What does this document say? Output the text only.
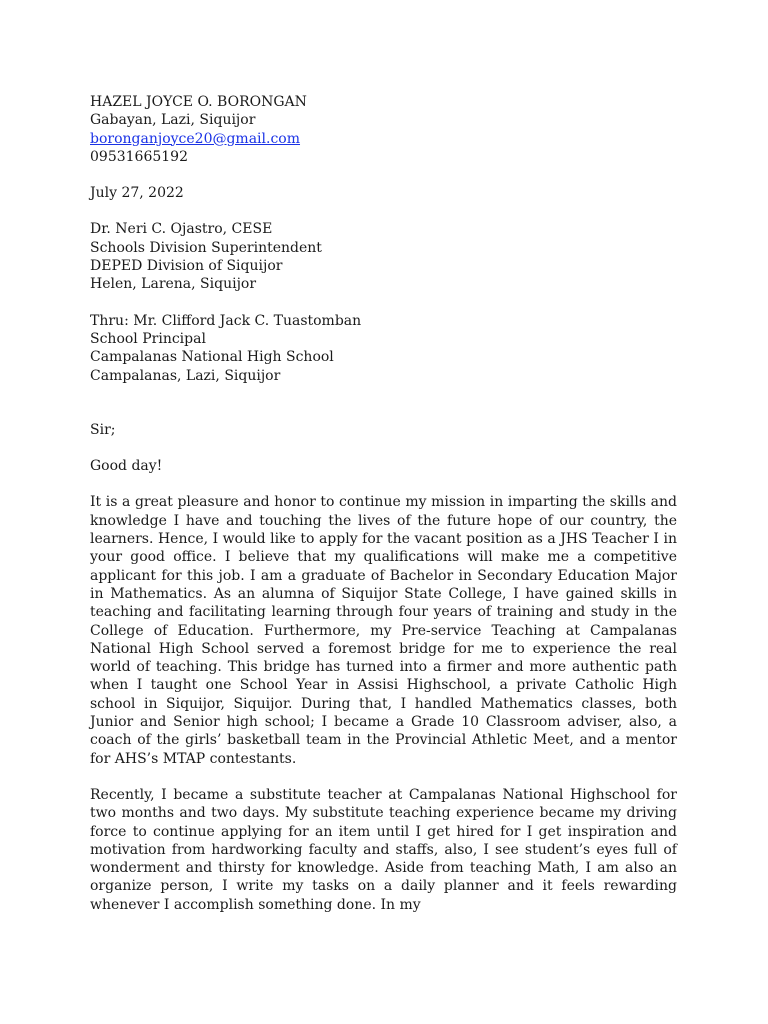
HAZEL JOYCE O. BORONGAN
Gabayan, Lazi, Siquijor
boronganjoyce20@gmail.com
09531665192
July 27, 2022
Dr. Neri C. Ojastro, CESE
Schools Division Superintendent
DEPED Division of Siquijor
Helen, Larena, Siquijor
Thru: Mr. Clifford Jack C. Tuastomban
School Principal
Campalanas National High School
Campalanas, Lazi, Siquijor
Sir;
Good day!
It is a great pleasure and honor to continue my mission in imparting the skills and knowledge I have and touching the lives of the future hope of our country, the learners. Hence, I would like to apply for the vacant position as a JHS Teacher I in your good office. I believe that my qualifications will make me a competitive applicant for this job. I am a graduate of Bachelor in Secondary Education Major in Mathematics. As an alumna of Siquijor State College, I have gained skills in teaching and facilitating learning through four years of training and study in the College of Education. Furthermore, my Pre-service Teaching at Campalanas National High School served a foremost bridge for me to experience the real world of teaching. This bridge has turned into a firmer and more authentic path when I taught one School Year in Assisi Highschool, a private Catholic High school in Siquijor, Siquijor. During that, I handled Mathematics classes, both Junior and Senior high school; I became a Grade 10 Classroom adviser, also, a coach of the girls’ basketball team in the Provincial Athletic Meet, and a mentor for AHS’s MTAP contestants.
Recently, I became a substitute teacher at Campalanas National Highschool for two months and two days. My substitute teaching experience became my driving force to continue applying for an item until I get hired for I get inspiration and motivation from hardworking faculty and staffs, also, I see student’s eyes full of wonderment and thirsty for knowledge. Aside from teaching Math, I am also an organize person, I write my tasks on a daily planner and it feels rewarding whenever I accomplish something done. In my
